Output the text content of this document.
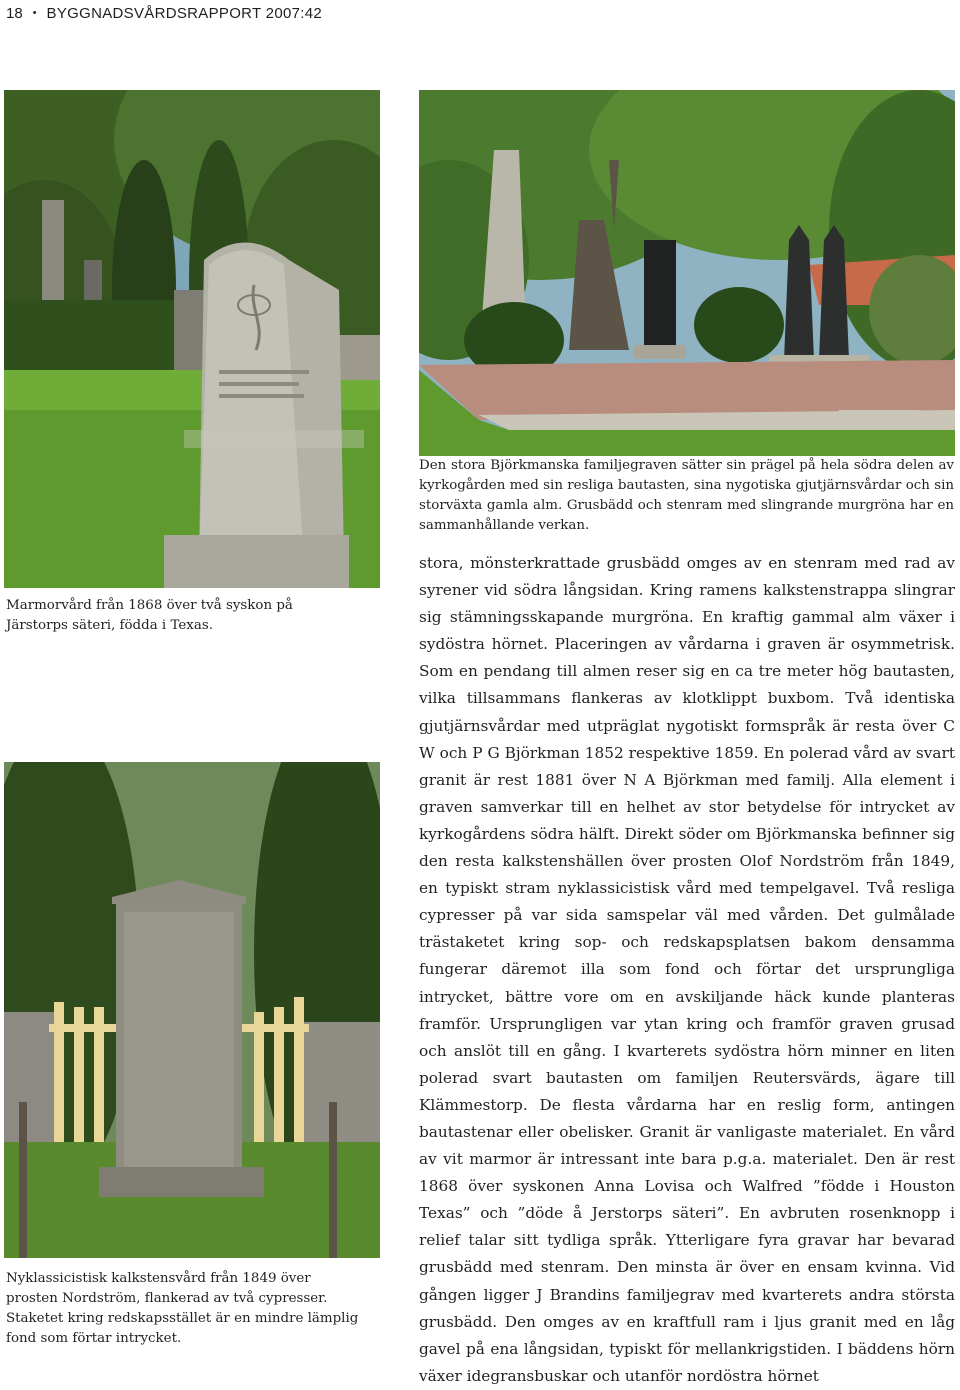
18 • BYGGNADSVÅRDSRAPPORT 2007:42
Marmorvård från 1868 över två syskon på Järstorps säteri, födda i Texas.
Den stora Björkmanska familjegraven sätter sin prägel på hela södra delen av kyrkogården med sin resliga bautasten, sina nygotiska gjutjärnsvårdar och sin storväxta gamla alm. Grusbädd och stenram med slingrande murgröna har en sammanhållande verkan.
Nyklassicistisk kalkstensvård från 1849 över prosten Nordström, flankerad av två cypresser. Staketet kring redskapsstället är en mindre lämplig fond som förtar intrycket.
stora, mönsterkrattade grusbädd omges av en stenram med rad av syrener vid södra långsidan. Kring ramens kalkstenstrappa slingrar sig stämningsskapande murgröna. En kraftig gammal alm växer i sydöstra hörnet. Placeringen av vårdarna i graven är osymmetrisk. Som en pendang till almen reser sig en ca tre meter hög bautasten, vilka tillsammans flankeras av klotklippt buxbom. Två identiska gjutjärnsvårdar med utpräglat nygotiskt formspråk är resta över C W och P G Björkman 1852 respektive 1859. En polerad vård av svart granit är rest 1881 över N A Björkman med familj. Alla element i graven samverkar till en helhet av stor betydelse för intrycket av kyrkogårdens södra hälft. Direkt söder om Björkmanska befinner sig den resta kalkstenshällen över prosten Olof Nordström från 1849, en typiskt stram nyklassicistisk vård med tempelgavel. Två resliga cypresser på var sida samspelar väl med vården. Det gulmålade trästaketet kring sop- och redskapsplatsen bakom densamma fungerar däremot illa som fond och förtar det ursprungliga intrycket, bättre vore om en avskiljande häck kunde planteras framför. Ursprungligen var ytan kring och framför graven grusad och anslöt till en gång. I kvarterets sydöstra hörn minner en liten polerad svart bautasten om familjen Reutersvärds, ägare till Klämmestorp. De flesta vårdarna har en reslig form, antingen bautastenar eller obelisker. Granit är vanligaste materialet. En vård av vit marmor är intressant inte bara p.g.a. materialet. Den är rest 1868 över syskonen Anna Lovisa och Walfred ”födde i Houston Texas” och ”döde å Jerstorps säteri”. En avbruten rosenknopp i relief talar sitt tydliga språk. Ytterligare fyra gravar har bevarad grusbädd med stenram. Den minsta är över en ensam kvinna. Vid gången ligger J Brandins familjegrav med kvarterets andra största grusbädd. Den omges av en kraftfull ram i ljus granit med en låg gavel på ena långsidan, typiskt för mellankrigstiden. I bäddens hörn växer idegransbuskar och utanför nordöstra hörnet
